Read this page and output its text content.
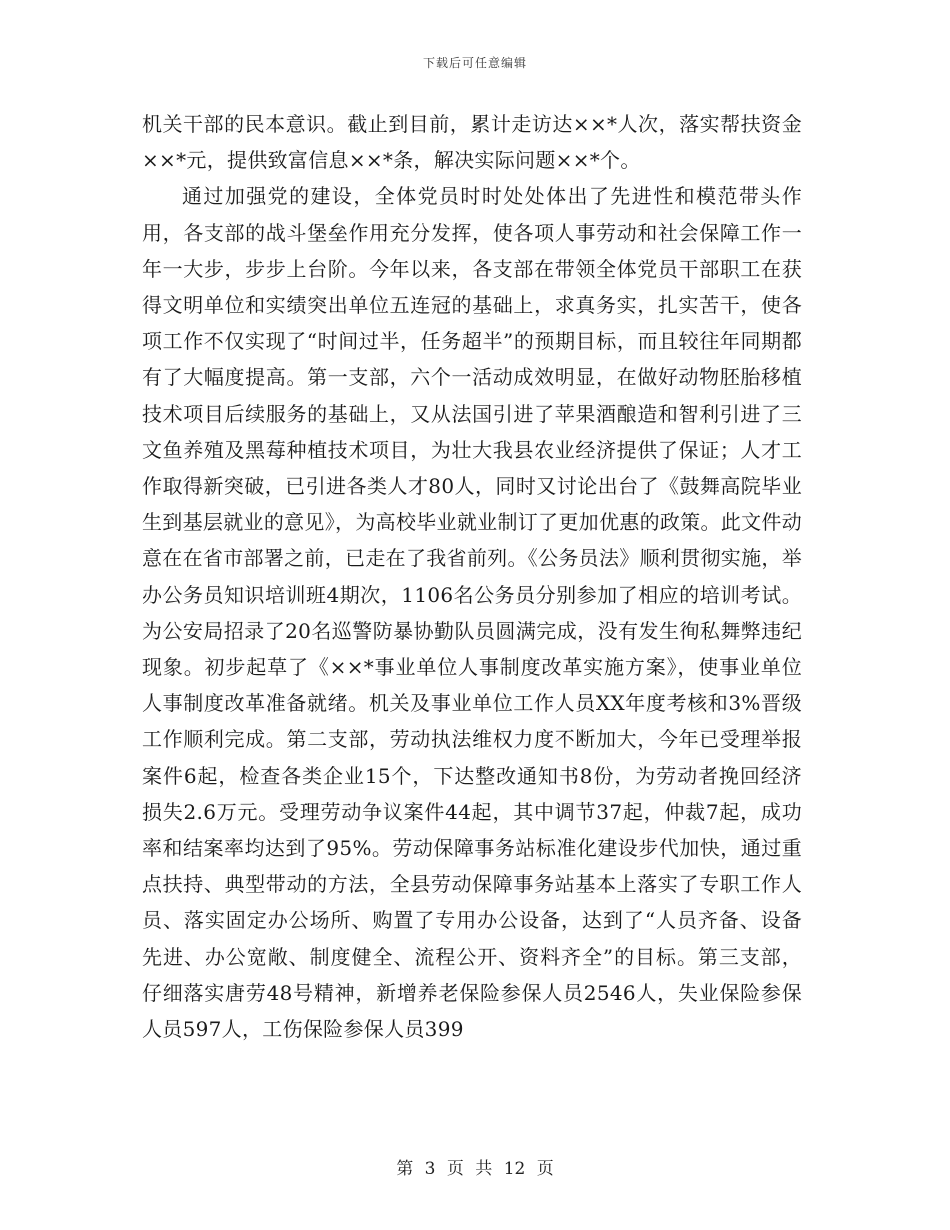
下载后可任意编辑

机关干部的民本意识。截止到目前，累计走访达××*人次，落实帮扶资金××*元，提供致富信息××*条，解决实际问题××*个。

通过加强党的建设，全体党员时时处处体出了先进性和模范带头作用，各支部的战斗堡垒作用充分发挥，使各项人事劳动和社会保障工作一年一大步，步步上台阶。今年以来，各支部在带领全体党员干部职工在获得文明单位和实绩突出单位五连冠的基础上，求真务实，扎实苦干，使各项工作不仅实现了“时间过半，任务超半”的预期目标，而且较往年同期都有了大幅度提高。第一支部，六个一活动成效明显，在做好动物胚胎移植技术项目后续服务的基础上，又从法国引进了苹果酒酿造和智利引进了三文鱼养殖及黑莓种植技术项目，为壮大我县农业经济提供了保证；人才工作取得新突破，已引进各类人才80人，同时又讨论出台了《鼓舞高院毕业生到基层就业的意见》，为高校毕业就业制订了更加优惠的政策。此文件动意在在省市部署之前，已走在了我省前列。《公务员法》顺利贯彻实施，举办公务员知识培训班4期次，1106名公务员分别参加了相应的培训考试。为公安局招录了20名巡警防暴协勤队员圆满完成，没有发生徇私舞弊违纪现象。初步起草了《××*事业单位人事制度改革实施方案》，使事业单位人事制度改革准备就绪。机关及事业单位工作人员XX年度考核和3%晋级工作顺利完成。第二支部，劳动执法维权力度不断加大，今年已受理举报案件6起，检查各类企业15个，下达整改通知书8份，为劳动者挽回经济损失2.6万元。受理劳动争议案件44起，其中调节37起，仲裁7起，成功率和结案率均达到了95%。劳动保障事务站标准化建设步代加快，通过重点扶持、典型带动的方法，全县劳动保障事务站基本上落实了专职工作人员、落实固定办公场所、购置了专用办公设备，达到了“人员齐备、设备先进、办公宽敞、制度健全、流程公开、资料齐全”的目标。第三支部，仔细落实唐劳48号精神，新增养老保险参保人员2546人，失业保险参保人员597人，工伤保险参保人员399

第 3 页 共 12 页
